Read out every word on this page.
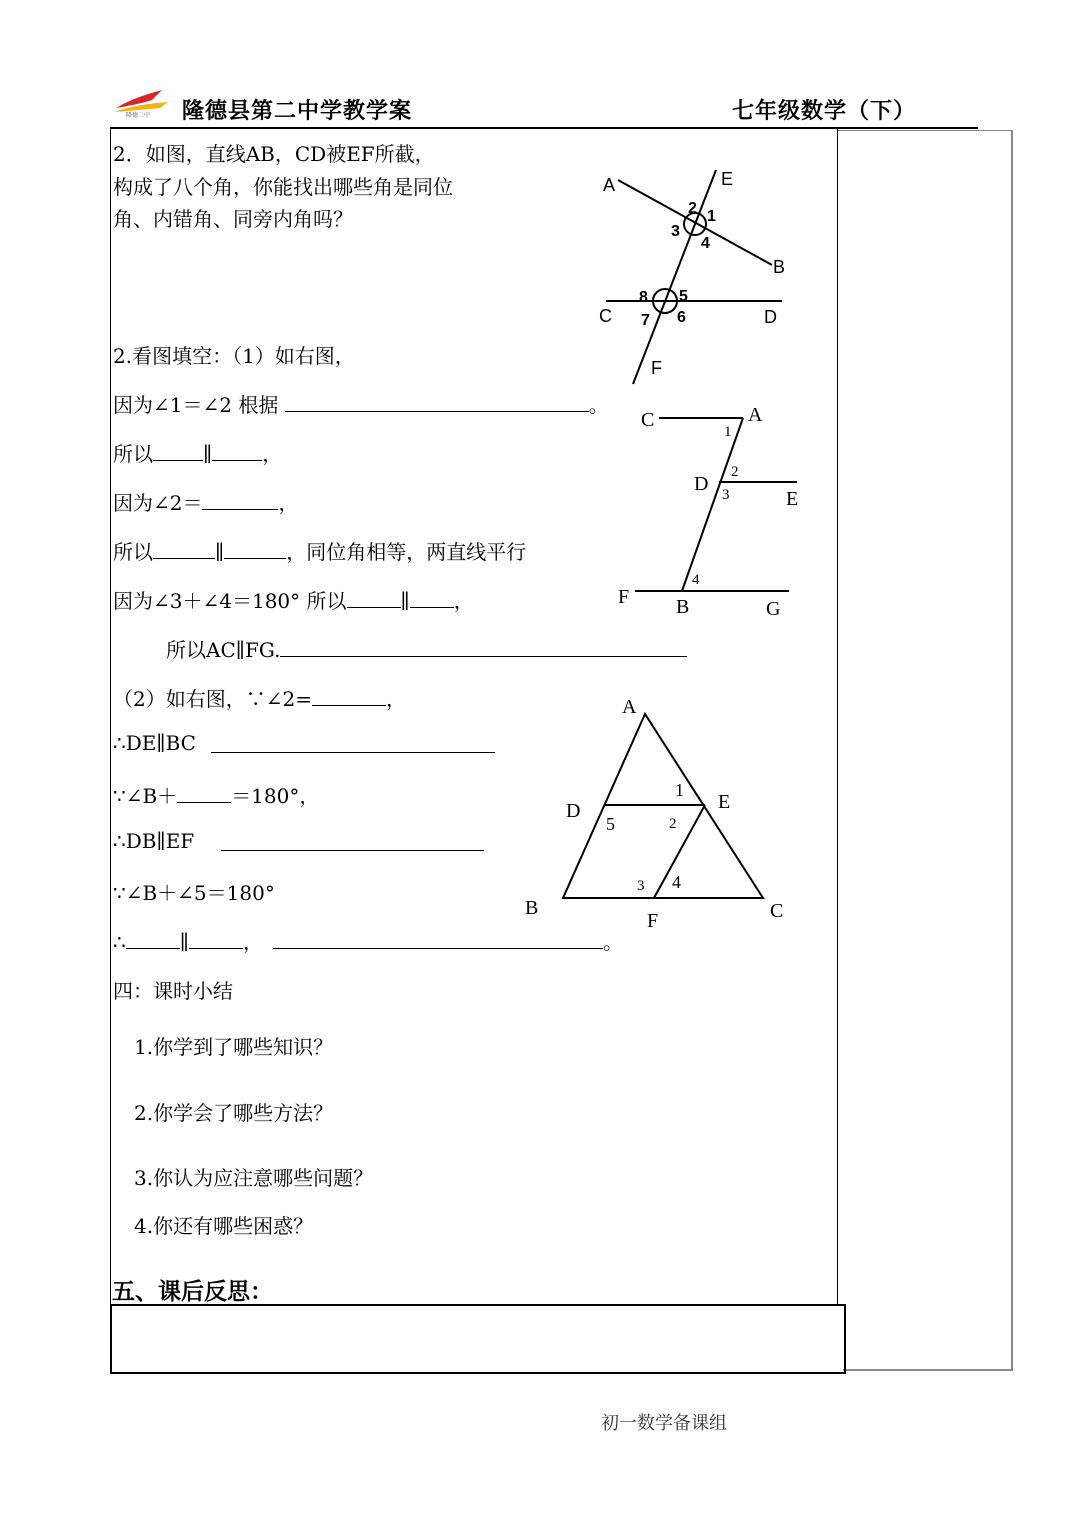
隆德二中 隆德县第二中学教学案	七年级数学（下）
2．如图，直线AB，CD被EF所截，
构成了八个角，你能找出哪些角是同位
角、内错角、同旁内角吗？
A	E
B
C	D
F
2 1
3
4
8 5
7 6
2.看图填空：（1）如右图，
因为∠1＝∠2 根据	。
所以	∥	，
因为∠2＝	，
所以	∥	，同位角相等，两直线平行
因为∠3＋∠4＝180° 所以	∥ ，
所以AC∥FG.
C	A
D
E
F B	G
1
2
3
4
（2）如右图，∵∠2=	，
∴DE∥BC
∵∠B＋	＝180°，
∴DB∥EF
∵∠B＋∠5＝180°
∴	∥	，	。
A
D	E
B
F	C
1
5	2
3 4
四：课时小结
1.你学到了哪些知识？
2.你学会了哪些方法？
3.你认为应注意哪些问题？
4.你还有哪些困惑？
五、课后反思：
初一数学备课组
